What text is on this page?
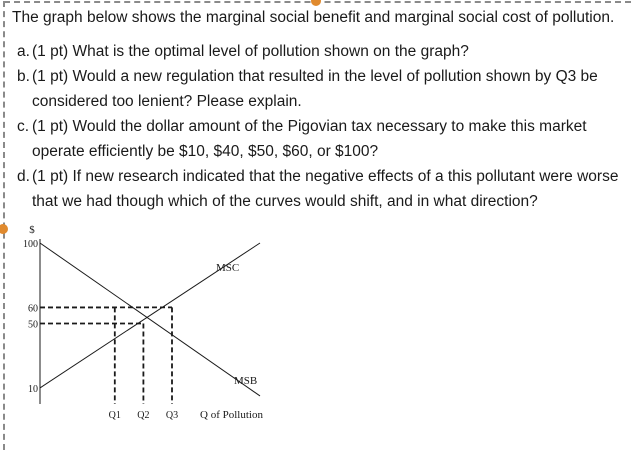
The graph below shows the marginal social benefit and marginal social cost of pollution.

a. (1 pt) What is the optimal level of pollution shown on the graph?
b. (1 pt) Would a new regulation that resulted in the level of pollution shown by Q3 be considered too lenient? Please explain.
c. (1 pt) Would the dollar amount of the Pigovian tax necessary to make this market operate efficiently be $10, $40, $50, $60, or $100?
d. (1 pt) If new research indicated that the negative effects of a this pollutant were worse that we had though which of the curves would shift, and in what direction?
$
100
60
50
10
Q1 Q2 Q3
MSC
MSB
Q of Pollution
